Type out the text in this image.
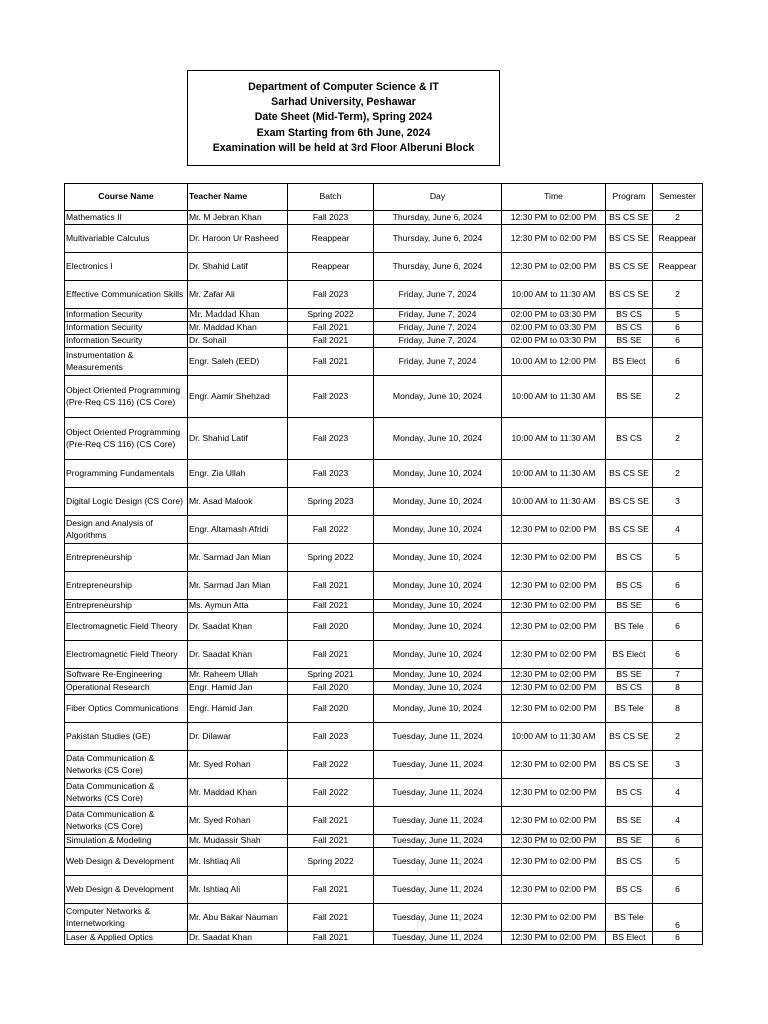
Department of Computer Science & IT
Sarhad University, Peshawar
Date Sheet (Mid-Term), Spring 2024
Exam Starting from 6th June, 2024
Examination will be held at 3rd Floor Alberuni Block
Course Name	Teacher Name	Batch	Day	Time	Program	Semester
Mathematics II	Mr. M Jebran Khan	Fall 2023	Thursday, June 6, 2024	12:30 PM to 02:00 PM	BS CS SE	2
Multivariable Calculus	Dr. Haroon Ur Rasheed	Reappear	Thursday, June 6, 2024	12:30 PM to 02:00 PM	BS CS SE	Reappear
Electronics I	Dr. Shahid Latif	Reappear	Thursday, June 6, 2024	12:30 PM to 02:00 PM	BS CS SE	Reappear
Effective Communication Skills	Mr. Zafar Ali	Fall 2023	Friday, June 7, 2024	10:00 AM to 11:30 AM	BS CS SE	2
Information Security	Mr. Maddad Khan	Spring 2022	Friday, June 7, 2024	02:00 PM to 03:30 PM	BS CS	5
Information Security	Mr. Maddad Khan	Fall 2021	Friday, June 7, 2024	02:00 PM to 03:30 PM	BS CS	6
Information Security	Dr. Sohail	Fall 2021	Friday, June 7, 2024	02:00 PM to 03:30 PM	BS SE	6
Instrumentation & Measurements	Engr. Saleh (EED)	Fall 2021	Friday, June 7, 2024	10:00 AM to 12:00 PM	BS Elect	6
Object Oriented Programming (Pre-Req CS 116) (CS Core)	Engr. Aamir Shehzad	Fall 2023	Monday, June 10, 2024	10:00 AM to 11:30 AM	BS SE	2
Object Oriented Programming (Pre-Req CS 116) (CS Core)	Dr. Shahid Latif	Fall 2023	Monday, June 10, 2024	10:00 AM to 11:30 AM	BS CS	2
Programming Fundamentals	Engr. Zia Ullah	Fall 2023	Monday, June 10, 2024	10:00 AM to 11:30 AM	BS CS SE	2
Digital Logic Design (CS Core)	Mr. Asad Malook	Spring 2023	Monday, June 10, 2024	10:00 AM to 11:30 AM	BS CS SE	3
Design and Analysis of Algorithms	Engr. Altamash Afridi	Fall 2022	Monday, June 10, 2024	12:30 PM to 02:00 PM	BS CS SE	4
Entrepreneurship	Mr. Sarmad Jan Mian	Spring 2022	Monday, June 10, 2024	12:30 PM to 02:00 PM	BS CS	5
Entrepreneurship	Mr. Sarmad Jan Mian	Fall 2021	Monday, June 10, 2024	12:30 PM to 02:00 PM	BS CS	6
Entrepreneurship	Ms. Aymun Atta	Fall 2021	Monday, June 10, 2024	12:30 PM to 02:00 PM	BS SE	6
Electromagnetic Field Theory	Dr. Saadat Khan	Fall 2020	Monday, June 10, 2024	12:30 PM to 02:00 PM	BS Tele	6
Electromagnetic Field Theory	Dr. Saadat Khan	Fall 2021	Monday, June 10, 2024	12:30 PM to 02:00 PM	BS Elect	6
Software Re-Engineering	Mr. Raheem Ullah	Spring 2021	Monday, June 10, 2024	12:30 PM to 02:00 PM	BS SE	7
Operational Research	Engr. Hamid Jan	Fall 2020	Monday, June 10, 2024	12:30 PM to 02:00 PM	BS CS	8
Fiber Optics Communications	Engr. Hamid Jan	Fall 2020	Monday, June 10, 2024	12:30 PM to 02:00 PM	BS Tele	8
Pakistan Studies (GE)	Dr. Dilawar	Fall 2023	Tuesday, June 11, 2024	10:00 AM to 11:30 AM	BS CS SE	2
Data Communication & Networks (CS Core)	Mr. Syed Rohan	Fall 2022	Tuesday, June 11, 2024	12:30 PM to 02:00 PM	BS CS SE	3
Data Communication & Networks (CS Core)	Mr. Maddad Khan	Fall 2022	Tuesday, June 11, 2024	12:30 PM to 02:00 PM	BS CS	4
Data Communication & Networks (CS Core)	Mr. Syed Rohan	Fall 2021	Tuesday, June 11, 2024	12:30 PM to 02:00 PM	BS SE	4
Simulation & Modeling	Mr. Mudassir Shah	Fall 2021	Tuesday, June 11, 2024	12:30 PM to 02:00 PM	BS SE	6
Web Design & Development	Mr. Ishtiaq Ali	Spring 2022	Tuesday, June 11, 2024	12:30 PM to 02:00 PM	BS CS	5
Web Design & Development	Mr. Ishtiaq Ali	Fall 2021	Tuesday, June 11, 2024	12:30 PM to 02:00 PM	BS CS	6
Computer Networks & Internetworking	Mr. Abu Bakar Nauman	Fall 2021	Tuesday, June 11, 2024	12:30 PM to 02:00 PM	BS Tele	6
Laser & Applied Optics	Dr. Saadat Khan	Fall 2021	Tuesday, June 11, 2024	12:30 PM to 02:00 PM	BS Elect	6
